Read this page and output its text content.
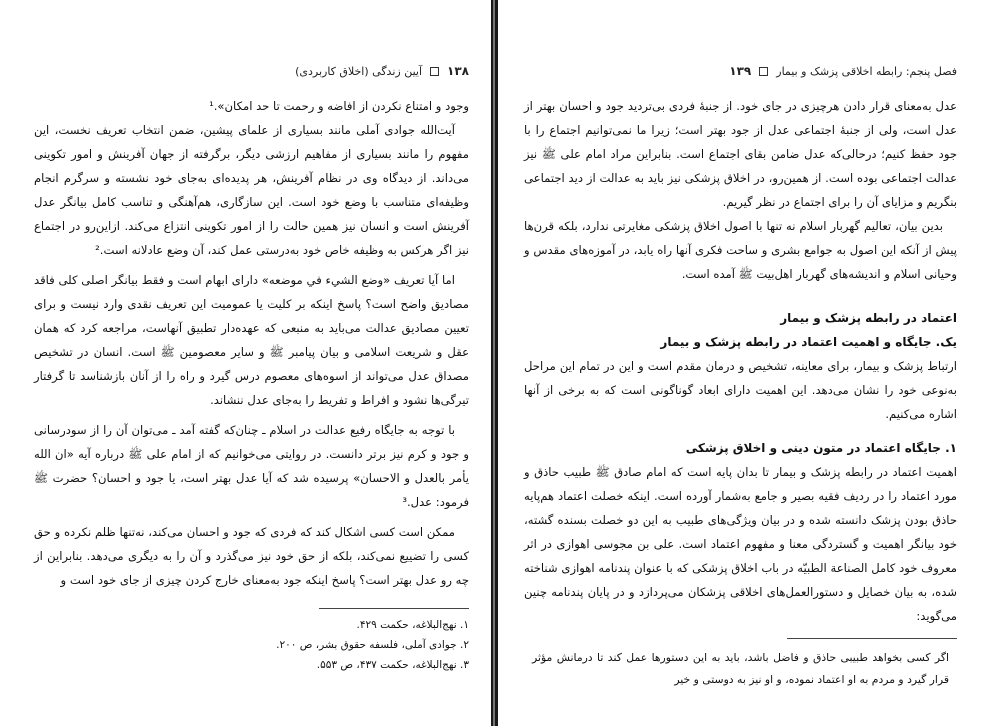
۱۳۸
آیین زندگی (اخلاق کاربردی)

وجود و امتناع نکردن از افاضه و رحمت تا حد امکان».¹

آیت‌الله جوادی آملی مانند بسیاری از علمای پیشین، ضمن انتخاب تعریف نخست، این مفهوم را مانند بسیاری از مفاهیم ارزشی دیگر، برگرفته از جهان آفرینش و امور تکوینی می‌داند. از دیدگاه وی در نظام آفرینش، هر پدیده‌ای به‌جای خود نشسته و سرگرم انجام وظیفه‌ای متناسب با وضع خود است. این سازگاری، هم‌آهنگی و تناسب کامل بیانگر عدل آفرینش است و انسان نیز همین حالت را از امور تکوینی انتزاع می‌کند. ازاین‌رو در اجتماع نیز اگر هرکس به وظیفه خاص خود به‌درستی عمل کند، آن وضع عادلانه است.²

اما آیا تعریف «وضع الشيء في موضعه» دارای ابهام است و فقط بیانگر اصلی کلی فاقد مصادیق واضح است؟ پاسخ اینکه بر کلیت یا عمومیت این تعریف نقدی وارد نیست و برای تعیین مصادیق عدالت می‌باید به منبعی که عهده‌دار تطبیق آنهاست، مراجعه کرد که همان عقل و شریعت اسلامی و بیان پیامبر ﷺ و سایر معصومین ﷺ است. انسان در تشخیص مصداق عدل می‌تواند از اسوه‌های معصوم درس گیرد و راه را از آنان بازشناسد تا گرفتار تیرگی‌ها نشود و افراط و تفریط را به‌جای عدل ننشاند.

با توجه به جایگاه رفیع عدالت در اسلام ـ چنان‌که گفته آمد ـ می‌توان آن را از سودرسانی و جود و کرم نیز برتر دانست. در روایتی می‌خوانیم که از امام علی ﷺ درباره آیه «ان الله يأمر بالعدل و الاحسان» پرسیده شد که آیا عدل بهتر است، یا جود و احسان؟ حضرت ﷺ فرمود: عدل.³

ممکن است کسی اشکال کند که فردی که جود و احسان می‌کند، نه‌تنها ظلم نکرده و حق کسی را تضییع نمی‌کند، بلکه از حق خود نیز می‌گذرد و آن را به دیگری می‌دهد. بنابراین از چه رو عدل بهتر است؟ پاسخ اینکه جود به‌معنای خارج کردن چیزی از جای خود است و

۱. نهج‌البلاغه، حکمت ۴۲۹.
۲. جوادی آملی، فلسفه حقوق بشر، ص ۲۰۰.
۳. نهج‌البلاغه، حکمت ۴۳۷، ص ۵۵۳.
فصل پنجم: رابطه اخلاقی پزشک و بیمار
۱۳۹

عدل به‌معنای قرار دادن هرچیزی در جای خود. از جنبهٔ فردی بی‌تردید جود و احسان بهتر از عدل است، ولی از جنبهٔ اجتماعی عدل از جود بهتر است؛ زیرا ما نمی‌توانیم اجتماع را با جود حفظ کنیم؛ درحالی‌که عدل ضامن بقای اجتماع است. بنابراین مراد امام علی ﷺ نیز عدالت اجتماعی بوده است. از همین‌رو، در اخلاق پزشکی نیز باید به عدالت از دید اجتماعی بنگریم و مزایای آن را برای اجتماع در نظر گیریم.

بدین بیان، تعالیم گهربار اسلام نه تنها با اصول اخلاق پزشکی مغایرتی ندارد، بلکه قرن‌ها پیش از آنکه این اصول به جوامع بشری و ساحت فکری آنها راه یابد، در آموزه‌های مقدس و وحیانی اسلام و اندیشه‌های گهربار اهل‌بیت ﷺ آمده است.

اعتماد در رابطه پزشک و بیمار
یک. جایگاه و اهمیت اعتماد در رابطه پزشک و بیمار

ارتباط پزشک و بیمار، برای معاینه، تشخیص و درمان مقدم است و این در تمام این مراحل به‌نوعی خود را نشان می‌دهد. این اهمیت دارای ابعاد گوناگونی است که به برخی از آنها اشاره می‌کنیم.

۱. جایگاه اعتماد در متون دینی و اخلاق پزشکی

اهمیت اعتماد در رابطه پزشک و بیمار تا بدان پایه است که امام صادق ﷺ طبیب حاذق و مورد اعتماد را در ردیف فقیه بصیر و جامع به‌شمار آورده است. اینکه خصلت اعتماد هم‌پایه حاذق بودن پزشک دانسته شده و در بیان ویژگی‌های طبیب به این دو خصلت بسنده گشته، خود بیانگر اهمیت و گستردگی معنا و مفهوم اعتماد است. علی بن مجوسی اهوازی در اثر معروف خود کامل الصناعة الطبیّه در باب اخلاق پزشکی که با عنوان پندنامه اهوازی شناخته شده، به بیان خصایل و دستورالعمل‌های اخلاقی پزشکان می‌پردازد و در پایان پندنامه چنین می‌گوید:

اگر کسی بخواهد طبیبی حاذق و فاضل باشد، باید به این دستورها عمل کند تا درمانش مؤثر قرار گیرد و مردم به او اعتماد نموده، و او نیز به دوستی و خیر
